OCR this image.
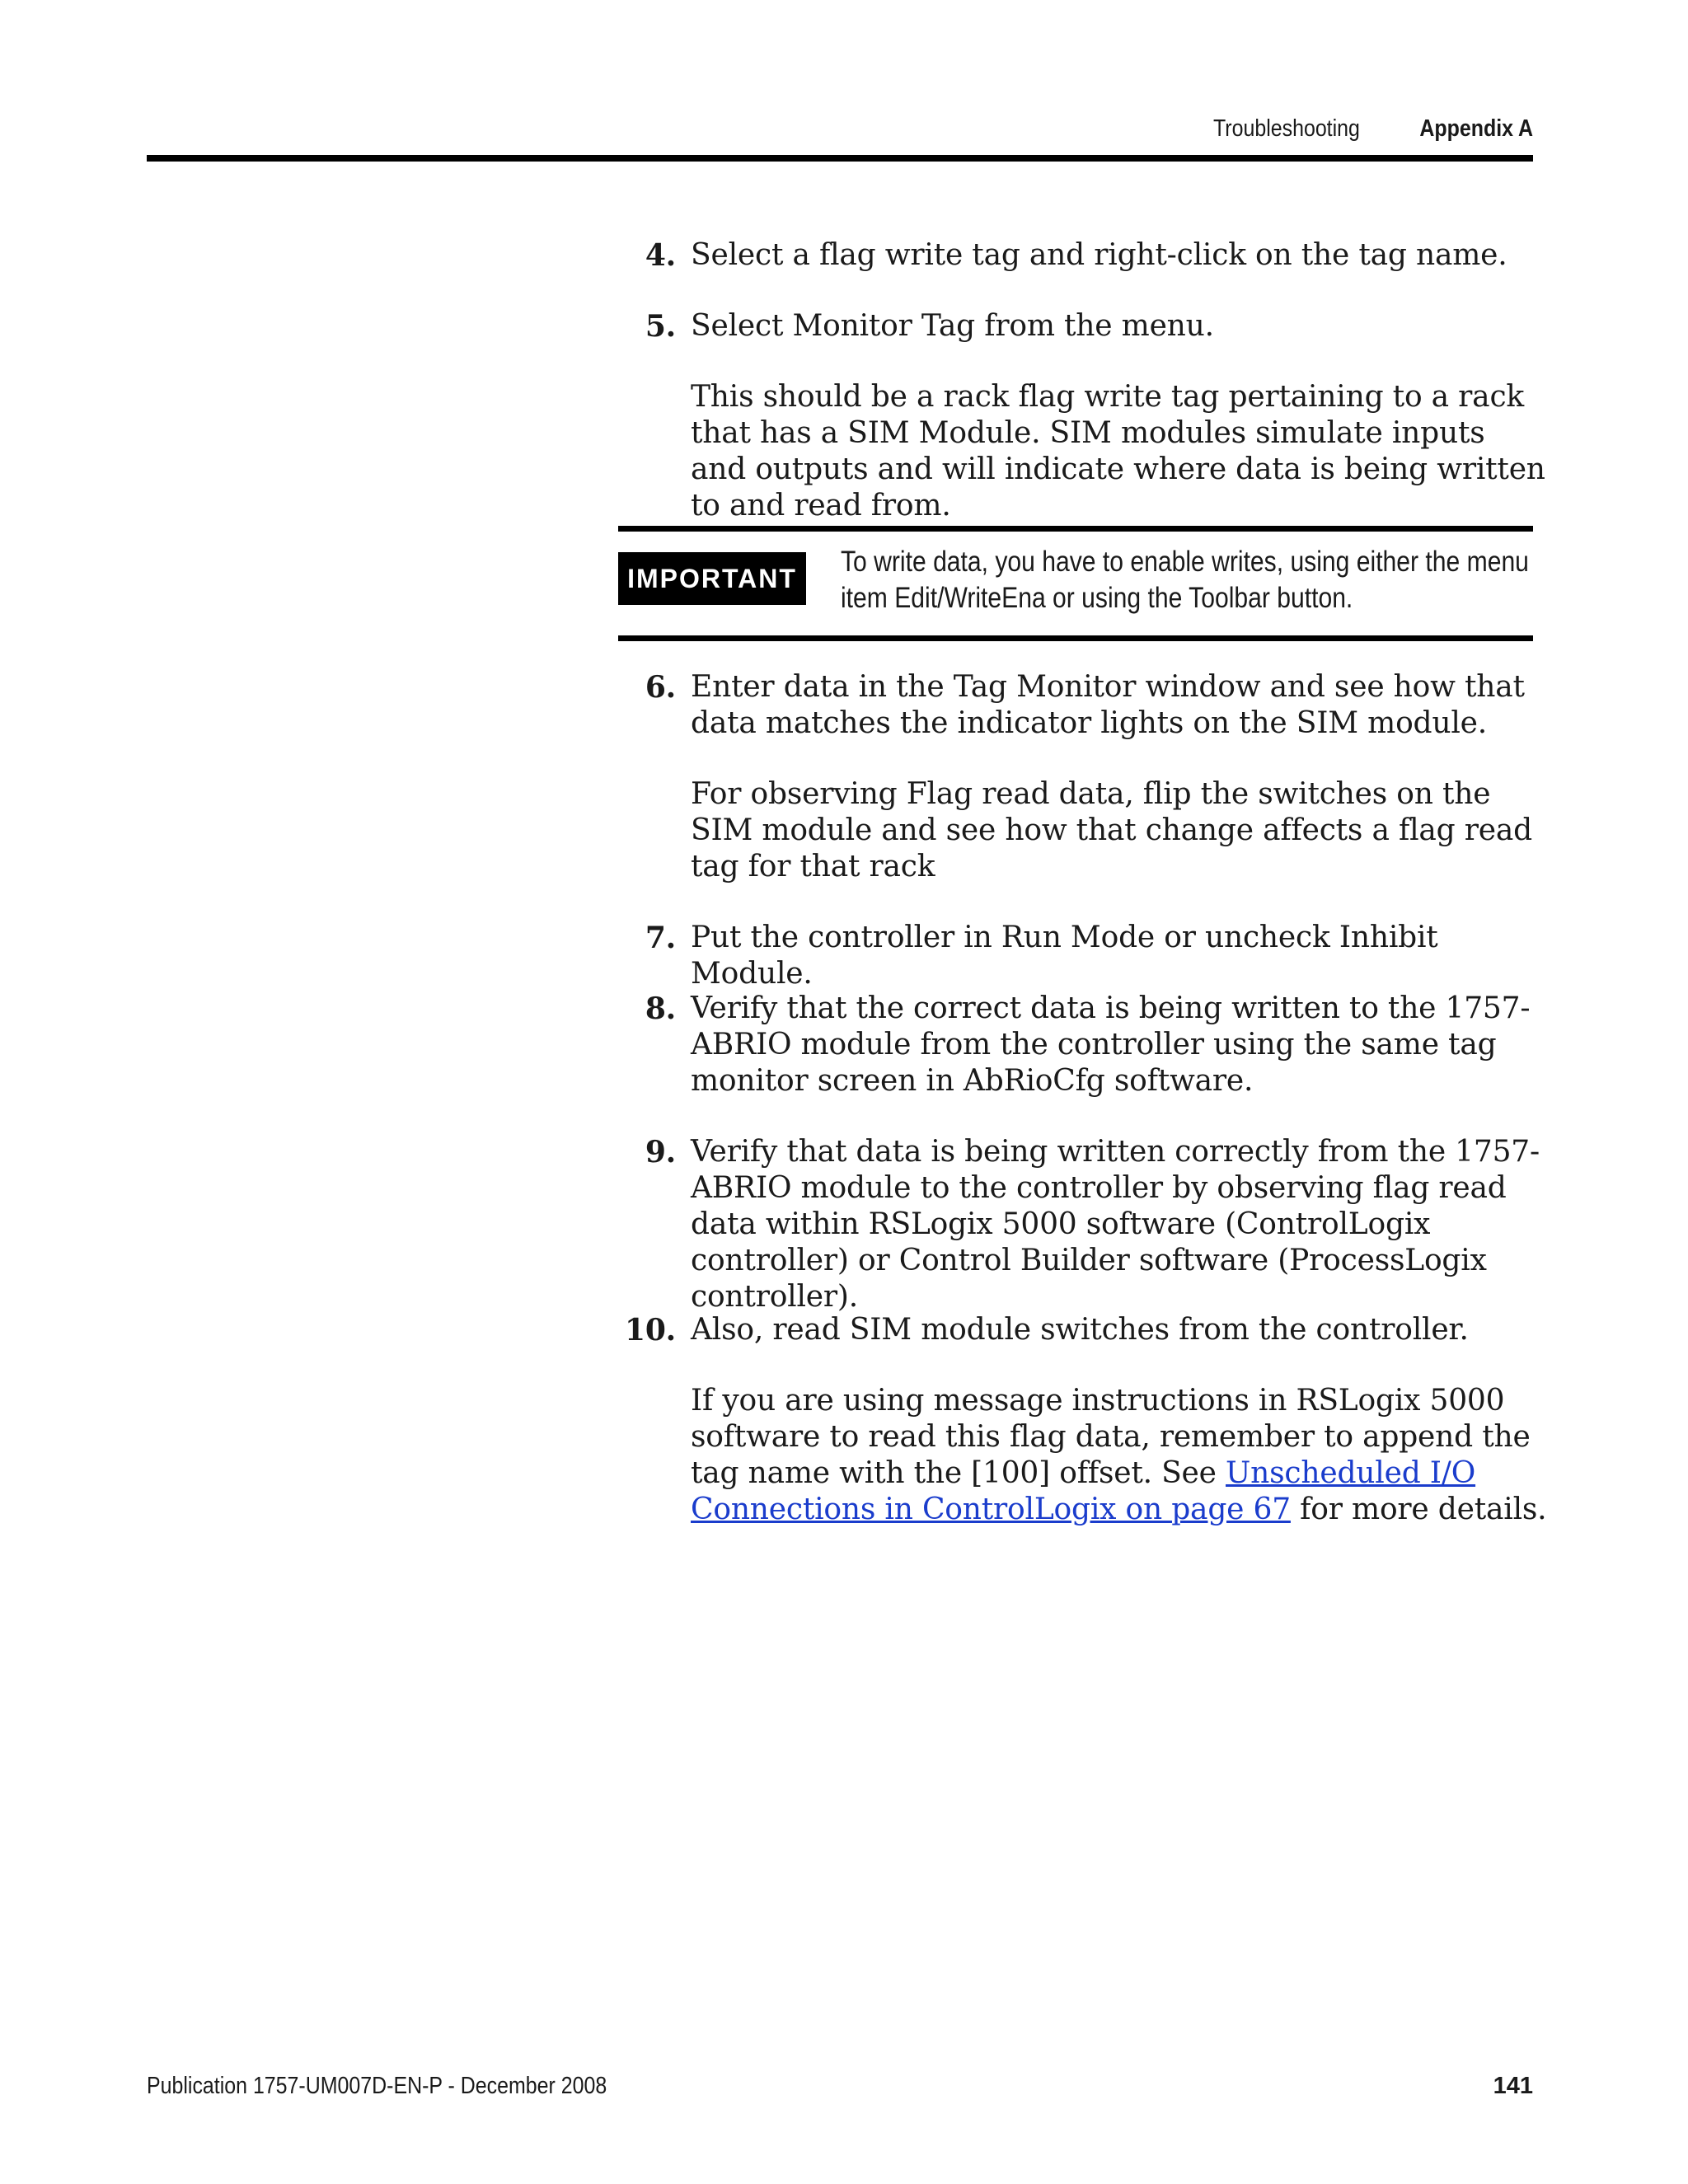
Troubleshooting Appendix A
4. Select a flag write tag and right-click on the tag name.
5. Select Monitor Tag from the menu.
This should be a rack flag write tag pertaining to a rack that has a SIM Module. SIM modules simulate inputs and outputs and will indicate where data is being written to and read from.
IMPORTANT
To write data, you have to enable writes, using either the menu item Edit/WriteEna or using the Toolbar button.
6. Enter data in the Tag Monitor window and see how that data matches the indicator lights on the SIM module.
For observing Flag read data, flip the switches on the SIM module and see how that change affects a flag read tag for that rack
7. Put the controller in Run Mode or uncheck Inhibit Module.
8. Verify that the correct data is being written to the 1757-ABRIO module from the controller using the same tag monitor screen in AbRioCfg software.
9. Verify that data is being written correctly from the 1757-ABRIO module to the controller by observing flag read data within RSLogix 5000 software (ControlLogix controller) or Control Builder software (ProcessLogix controller).
10. Also, read SIM module switches from the controller.
If you are using message instructions in RSLogix 5000 software to read this flag data, remember to append the tag name with the [100] offset. See Unscheduled I/O Connections in ControlLogix on page 67 for more details.
Publication 1757-UM007D-EN-P - December 2008	141
